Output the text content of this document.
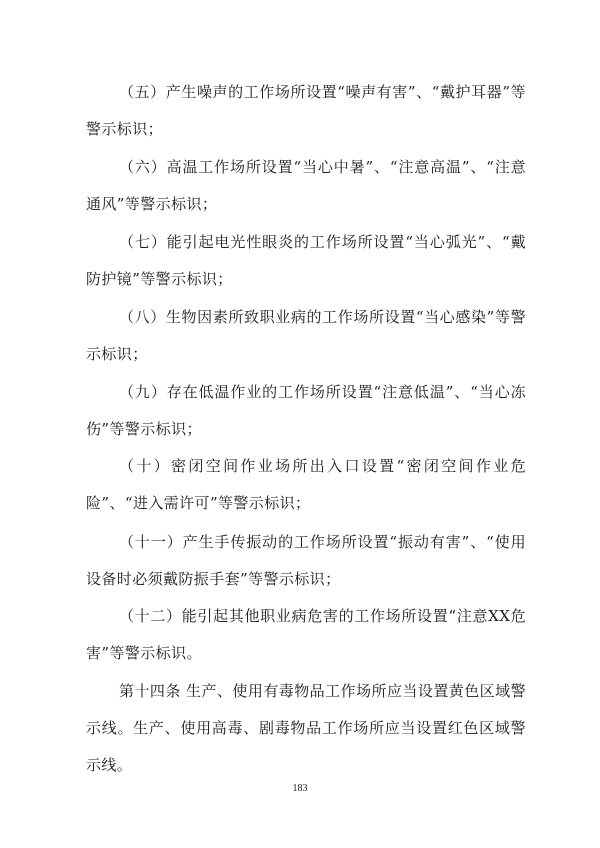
（五）产生噪声的工作场所设置“噪声有害”、“戴护耳器”等警示标识；

（六）高温工作场所设置“当心中暑”、“注意高温”、“注意通风”等警示标识；

（七）能引起电光性眼炎的工作场所设置“当心弧光”、“戴防护镜”等警示标识；

（八）生物因素所致职业病的工作场所设置“当心感染”等警示标识；

（九）存在低温作业的工作场所设置“注意低温”、“当心冻伤”等警示标识；

（十）密闭空间作业场所出入口设置“密闭空间作业危险”、“进入需许可”等警示标识；

（十一）产生手传振动的工作场所设置“振动有害”、“使用设备时必须戴防振手套”等警示标识；

（十二）能引起其他职业病危害的工作场所设置“注意XX危害”等警示标识。

第十四条 生产、使用有毒物品工作场所应当设置黄色区域警示线。生产、使用高毒、剧毒物品工作场所应当设置红色区域警示线。

183
